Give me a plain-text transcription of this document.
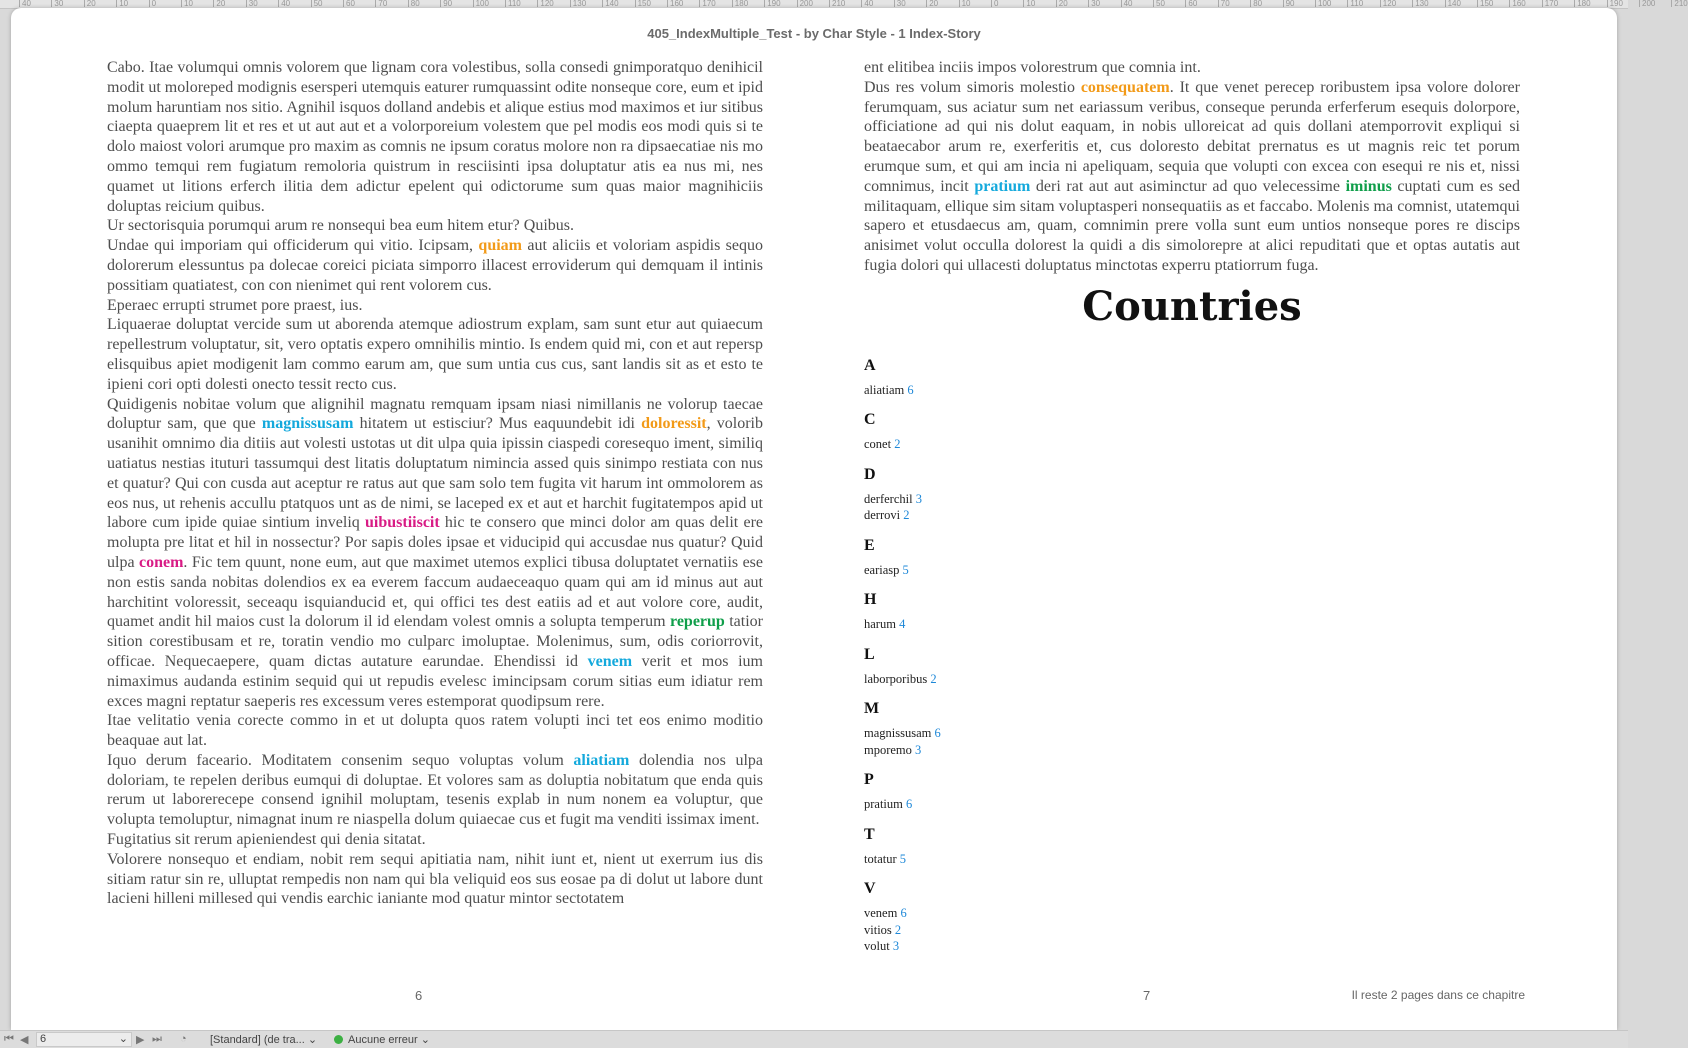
40	30	20	10	0	10	20	30	40	50	60	70	80	90	100 110 120 130 140 150 160 170 180 190 200 210 40	30	20	10	0	10	20	30	40	50	60	70	80	90	100 110 120 130 140 150 160 170 180 190 200 210
405_IndexMultiple_Test - by Char Style - 1 Index-Story

Cabo. Itae volumqui omnis volorem que lignam cora volestibus, solla consedi gnimporatquo denihicil modit ut moloreped modignis esersperi utemquis eaturer rumquassint odite nonseque core, eum et ipid molum haruntiam nos sitio. Agnihil isquos dolland andebis et alique estius mod maximos et iur sitibus ciaepta quaeprem lit et res et ut aut aut et a volorporeium volestem que pel modis eos modi quis si te dolo maiost volori arumque pro maxim as comnis ne ipsum coratus molore non ra dipsaecatiae nis mo ommo temqui rem fugiatum remoloria quistrum in resciisinti ipsa doluptatur atis ea nus mi, nes quamet ut litions erferch ilitia dem adictur epelent qui odictorume sum quas maior magnihiciis doluptas reicium quibus.

Ur sectorisquia porumqui arum re nonsequi bea eum hitem etur? Quibus.

Undae qui imporiam qui officiderum qui vitio. Icipsam, quiam aut aliciis et voloriam aspidis sequo dolorerum elessuntus pa dolecae coreici piciata simporro illacest erroviderum qui demquam il intinis possitiam quatiatest, con con nienimet qui rent volorem cus.

Eperaec errupti strumet pore praest, ius.

Liquaerae doluptat vercide sum ut aborenda atemque adiostrum explam, sam sunt etur aut quiaecum repellestrum voluptatur, sit, vero optatis expero omnihilis mintio. Is endem quid mi, con et aut repersp elisquibus apiet modigenit lam commo earum am, que sum untia cus cus, sant landis sit as et esto te ipieni cori opti dolesti onecto tessit recto cus.

Quidigenis nobitae volum que alignihil magnatu remquam ipsam niasi nimillanis ne volorup taecae doluptur sam, que que magnissusam hitatem ut estisciur? Mus eaquundebit idi doloressit, volorib usanihit omnimo dia ditiis aut volesti ustotas ut dit ulpa quia ipissin ciaspedi coresequo iment, similiq uatiatus nestias ituturi tassumqui dest litatis doluptatum nimincia assed quis sinimpo restiata con nus et quatur? Qui con cusda aut aceptur re ratus aut que sam solo tem fugita vit harum int ommolorem as eos nus, ut rehenis accullu ptatquos unt as de nimi, se laceped ex et aut et harchit fugitatempos apid ut labore cum ipide quiae sintium inveliq uibustiiscit hic te consero que minci dolor am quas delit ere molupta pre litat et hil in nossectur? Por sapis doles ipsae et viducipid qui accusdae nus quatur? Quid ulpa conem. Fic tem quunt, none eum, aut que maximet utemos explici tibusa doluptatet vernatiis ese non estis sanda nobitas dolendios ex ea everem faccum audaeceaquo quam qui am id minus aut aut harchitint voloressit, seceaqu isquianducid et, qui offici tes dest eatiis ad et aut volore core, audit, quamet andit hil maios cust la dolorum il id elendam volest omnis a solupta temperum reperup tatior sition corestibusam et re, toratin vendio mo culparc imoluptae. Molenimus, sum, odis coriorrovit, officae. Nequecaepere, quam dictas autature earundae. Ehendissi id venem verit et mos ium nimaximus audanda estinim sequid qui ut repudis evelesc imincipsam corum sitias eum idiatur rem exces magni reptatur saeperis res excessum veres estemporat quodipsum rere.

Itae velitatio venia corecte commo in et ut dolupta quos ratem volupti inci tet eos enimo moditio beaquae aut lat.

Iquo derum faceario. Moditatem consenim sequo voluptas volum aliatiam dolendia nos ulpa doloriam, te repelen deribus eumqui di doluptae. Et volores sam as doluptia nobitatum que enda quis rerum ut laborerecepe consend ignihil moluptam, tesenis explab in num nonem ea voluptur, que volupta temoluptur, nimagnat inum re niaspella dolum quiaecae cus et fugit ma venditi issimax iment.

Fugitatius sit rerum apieniendest qui denia sitatat.

Volorere nonsequo et endiam, nobit rem sequi apitiatia nam, nihit iunt et, nient ut exerrum ius dis sitiam ratur sin re, ulluptat rempedis non nam qui bla veliquid eos sus eosae pa di dolut ut labore dunt lacieni hilleni millesed qui vendis earchic ianiante mod quatur mintor sectotatem

ent elitibea inciis impos volorestrum que comnia int.

Dus res volum simoris molestio consequatem. It que venet perecep roribustem ipsa volore dolorer ferumquam, sus aciatur sum net eariassum veribus, conseque perunda erferferum esequis dolorpore, officiatione ad qui nis dolut eaquam, in nobis ulloreicat ad quis dollani atemporrovit expliqui si beataecabor arum re, exerferitis et, cus doloresto debitat prernatus es ut magnis reic tet porum erumque sum, et qui am incia ni apeliquam, sequia que volupti con excea con esequi re nis et, nissi comnimus, incit pratium deri rat aut aut asiminctur ad quo velecessime iminus cuptati cum es sed militaquam, ellique sim sitam voluptasperi nonsequatiis as et faccabo. Molenis ma comnist, utatemqui sapero et etusdaecus am, quam, comnimin prere volla sunt eum untios nonseque pores re discips anisimet volut occulla dolorest la quidi a dis simolorepre at alici repuditati que et optas autatis aut fugia dolori qui ullacesti doluptatus minctotas experru ptatiorrum fuga.

Countries
A
aliatiam 6
C
conet 2
D
derferchil 3
derrovi 2
E
eariasp 5
H
harum 4
L
laborporibus 2
M
magnissusam 6
mporemo 3
P
pratium 6
T
totatur 5
V
venem 6
vitios 2
volut 3
6	7	Il reste 2 pages dans ce chapitre
⏮ ◀	6	⌄ ▶ ⏭ ◔ [Standard] (de tra... ⌄	Aucune erreur ⌄
